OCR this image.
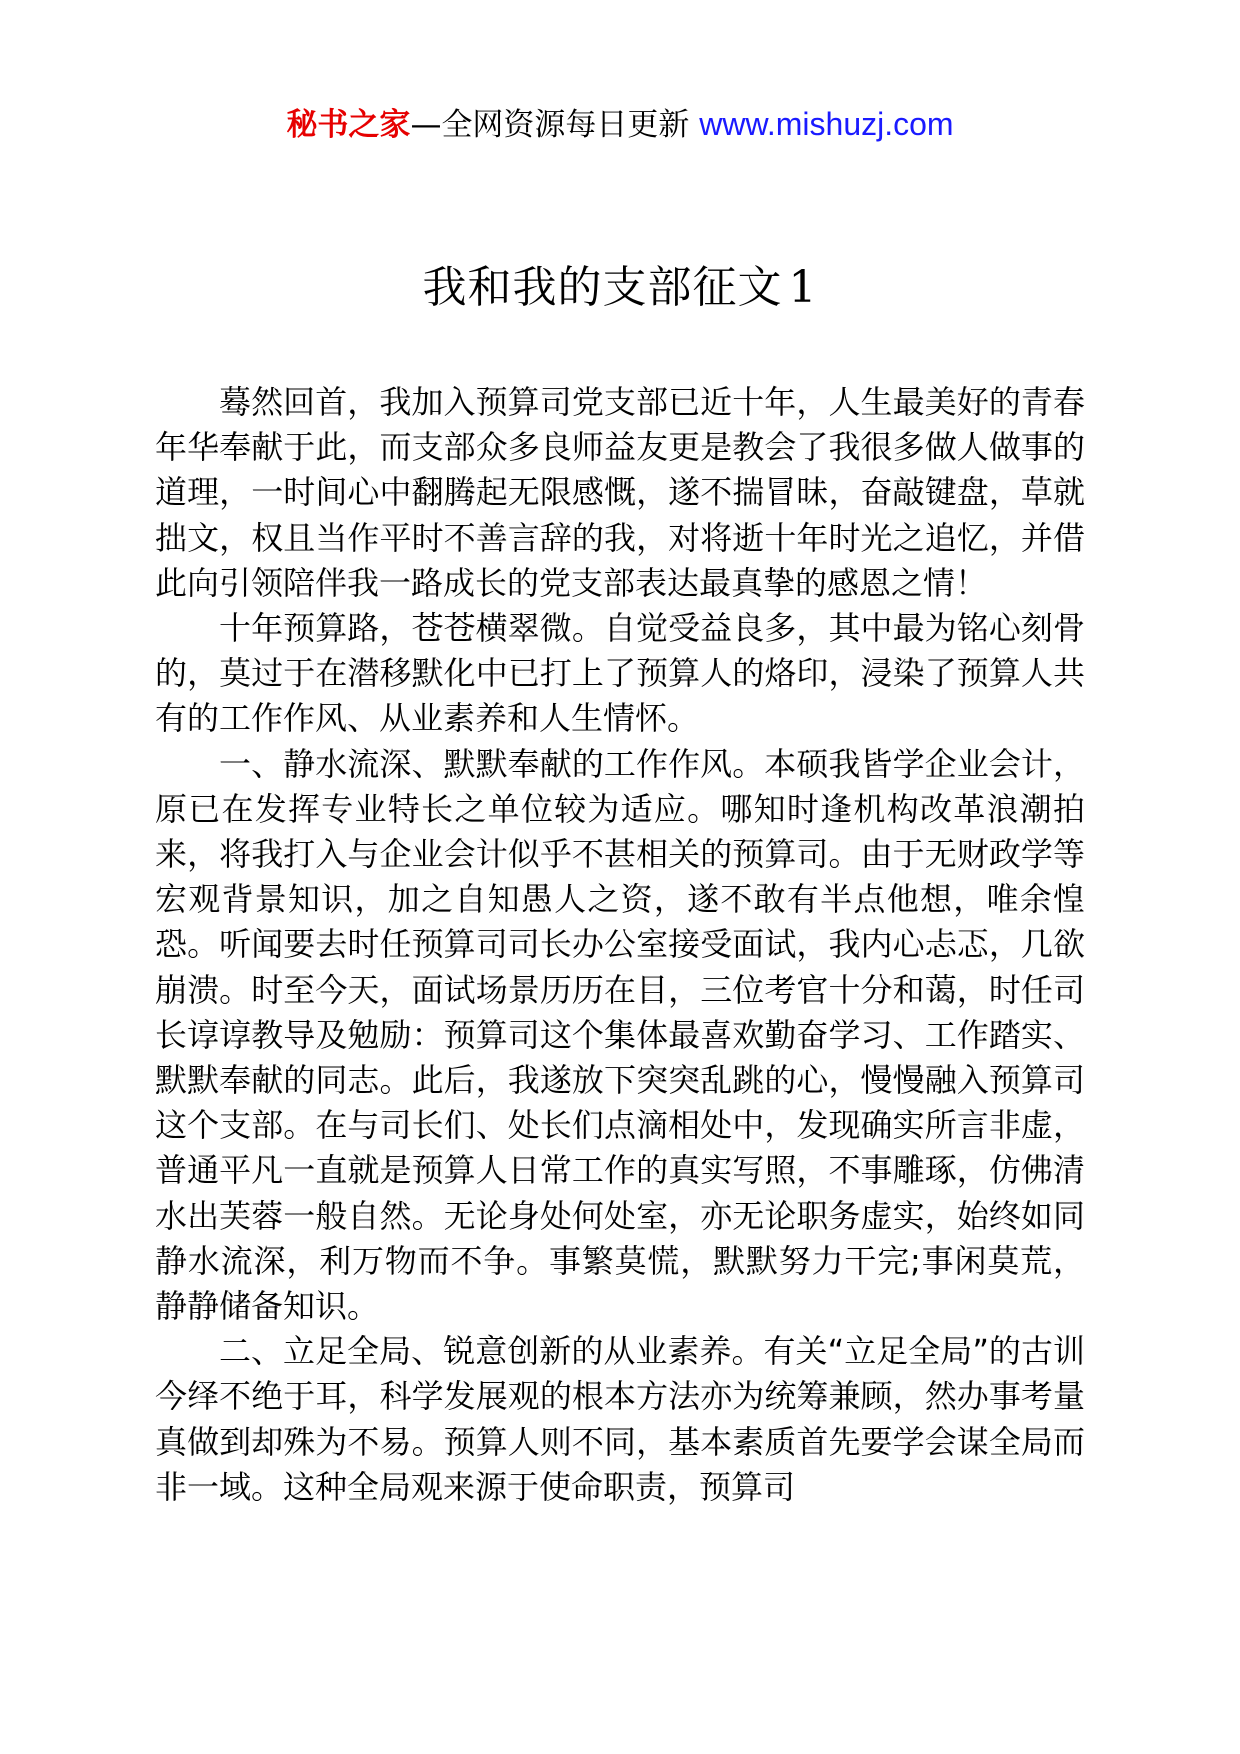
秘书之家—全网资源每日更新 www.mishuzj.com
我和我的支部征文 1

蓦然回首，我加入预算司党支部已近十年，人生最美好的青春年华奉献于此，而支部众多良师益友更是教会了我很多做人做事的道理，一时间心中翻腾起无限感慨，遂不揣冒昧，奋敲键盘，草就拙文，权且当作平时不善言辞的我，对将逝十年时光之追忆，并借此向引领陪伴我一路成长的党支部表达最真挚的感恩之情！

十年预算路，苍苍横翠微。自觉受益良多，其中最为铭心刻骨的，莫过于在潜移默化中已打上了预算人的烙印，浸染了预算人共有的工作作风、从业素养和人生情怀。

一、静水流深、默默奉献的工作作风。本硕我皆学企业会计，原已在发挥专业特长之单位较为适应。哪知时逢机构改革浪潮拍来，将我打入与企业会计似乎不甚相关的预算司。由于无财政学等宏观背景知识，加之自知愚人之资，遂不敢有半点他想，唯余惶恐。听闻要去时任预算司司长办公室接受面试，我内心忐忑，几欲崩溃。时至今天，面试场景历历在目，三位考官十分和蔼，时任司长谆谆教导及勉励：预算司这个集体最喜欢勤奋学习、工作踏实、默默奉献的同志。此后，我遂放下突突乱跳的心，慢慢融入预算司这个支部。在与司长们、处长们点滴相处中，发现确实所言非虚，普通平凡一直就是预算人日常工作的真实写照，不事雕琢，仿佛清水出芙蓉一般自然。无论身处何处室，亦无论职务虚实，始终如同静水流深，利万物而不争。事繁莫慌，默默努力干完;事闲莫荒，静静储备知识。

二、立足全局、锐意创新的从业素养。有关“立足全局”的古训今绎不绝于耳，科学发展观的根本方法亦为统筹兼顾，然办事考量真做到却殊为不易。预算人则不同，基本素质首先要学会谋全局而非一域。这种全局观来源于使命职责，预算司
